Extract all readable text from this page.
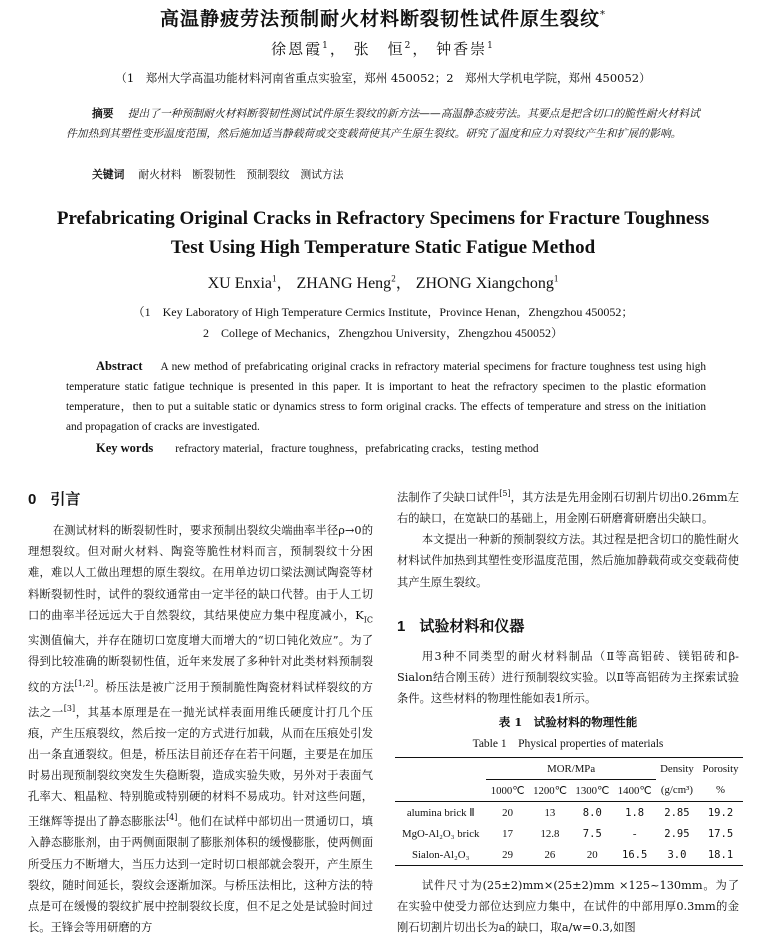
高温静疲劳法预制耐火材料断裂韧性试件原生裂纹*
徐恩霞$^1$， 张　恒$^2$， 钟香崇$^1$
（1　郑州大学高温功能材料河南省重点实验室，郑州 450052；2　郑州大学机电学院，郑州 450052）
摘要 提出了一种预制耐火材料断裂韧性测试试件原生裂纹的新方法——高温静态疲劳法。其要点是把含切口的脆性耐火材料试件加热到其塑性变形温度范围，然后施加适当静载荷或交变载荷使其产生原生裂纹。研究了温度和应力对裂纹产生和扩展的影响。
关键词 耐火材料　断裂韧性　预制裂纹　测试方法
Prefabricating Original Cracks in Refractory Specimens for Fracture Toughness
Test Using High Temperature Static Fatigue Method
XU Enxia$^1$， ZHANG Heng$^2$， ZHONG Xiangchong$^1$
（1　Key Laboratory of High Temperature Cermics Institute，Province Henan，Zhengzhou 450052；
2　College of Mechanics，Zhengzhou University，Zhengzhou 450052）
Abstract A new method of prefabricating original cracks in refractory material specimens for fracture toughness test using high temperature static fatigue technique is presented in this paper. It is important to heat the refractory specimen to the plastic eformation temperature，then to put a suitable static or dynamics stress to form original cracks. The effects of temperature and stress on the initiation and propagation of cracks are investigated.
Key words refractory material，fracture toughness，prefabricating cracks，testing method
0 引言

在测试材料的断裂韧性时，要求预制出裂纹尖端曲率半径ρ→0的理想裂纹。但对耐火材料、陶瓷等脆性材料而言，预制裂纹十分困难，难以人工做出理想的原生裂纹。在用单边切口梁法测试陶瓷等材料断裂韧性时，试件的裂纹通常由一定半径的缺口代替。由于人工切口的曲率半径远远大于自然裂纹，其结果使应力集中程度减小，$K_{IC}$实测值偏大，并存在随切口宽度增大而增大的“切口钝化效应”。为了得到比较准确的断裂韧性值，近年来发展了多种针对此类材料预制裂纹的方法[1,2]。桥压法是被广泛用于预制脆性陶瓷材料试样裂纹的方法之一[3]，其基本原理是在一抛光试样表面用维氏硬度计打几个压痕，产生压痕裂纹，然后按一定的方式进行加载，从而在压痕处引发出一条直通裂纹。但是，桥压法目前还存在若干问题，主要是在加压时易出现预制裂纹突发生失稳断裂，造成实验失败，另外对于表面气孔率大、粗晶粒、特别脆或特别硬的材料不易成功。针对这些问题，王继辉等提出了静态膨胀法[4]。他们在试样中部切出一贯通切口，填入静态膨胀剂，由于两侧面限制了膨胀剂体积的缓慢膨胀，使两侧面所受压力不断增大，当压力达到一定时切口根部就会裂开，产生原生裂纹，随时间延长，裂纹会逐渐加深。与桥压法相比，这种方法的特点是可在缓慢的裂纹扩展中控制裂纹长度，但不足之处是试验时间过长。王锋会等用研磨的方

法制作了尖缺口试件[5]，其方法是先用金刚石切割片切出0.26mm左右的缺口，在宽缺口的基础上，用金刚石研磨膏研磨出尖缺口。

本文提出一种新的预制裂纹方法。其过程是把含切口的脆性耐火材料试件加热到其塑性变形温度范围，然后施加静载荷或交变载荷使其产生原生裂纹。

1 试验材料和仪器

用3种不同类型的耐火材料制品（Ⅱ等高铝砖、镁铝砖和β-Sialon结合刚玉砖）进行预制裂纹实验。以Ⅱ等高铝砖为主探索试验条件。这些材料的物理性能如表1所示。

表 1　试验材料的物理性能
Table 1　Physical properties of materials
	MOR/MPa				Density	Porosity
	1000℃	1200℃	1300℃	1400℃	(g/cm³)	%
alumina brick Ⅱ	20	13	8.0	1.8	2.85	19.2
MgO-Al₂O₃ brick	17	12.8	7.5	-	2.95	17.5
Sialon-Al₂O₃	29	26	20	16.5	3.0	18.1

试件尺寸为(25±2)mm×(25±2)mm ×125~130mm。为了在实验中使受力部位达到应力集中，在试件的中部用厚0.3mm的金刚石切割片切出长为a的缺口，取a/w=0.3,如图
